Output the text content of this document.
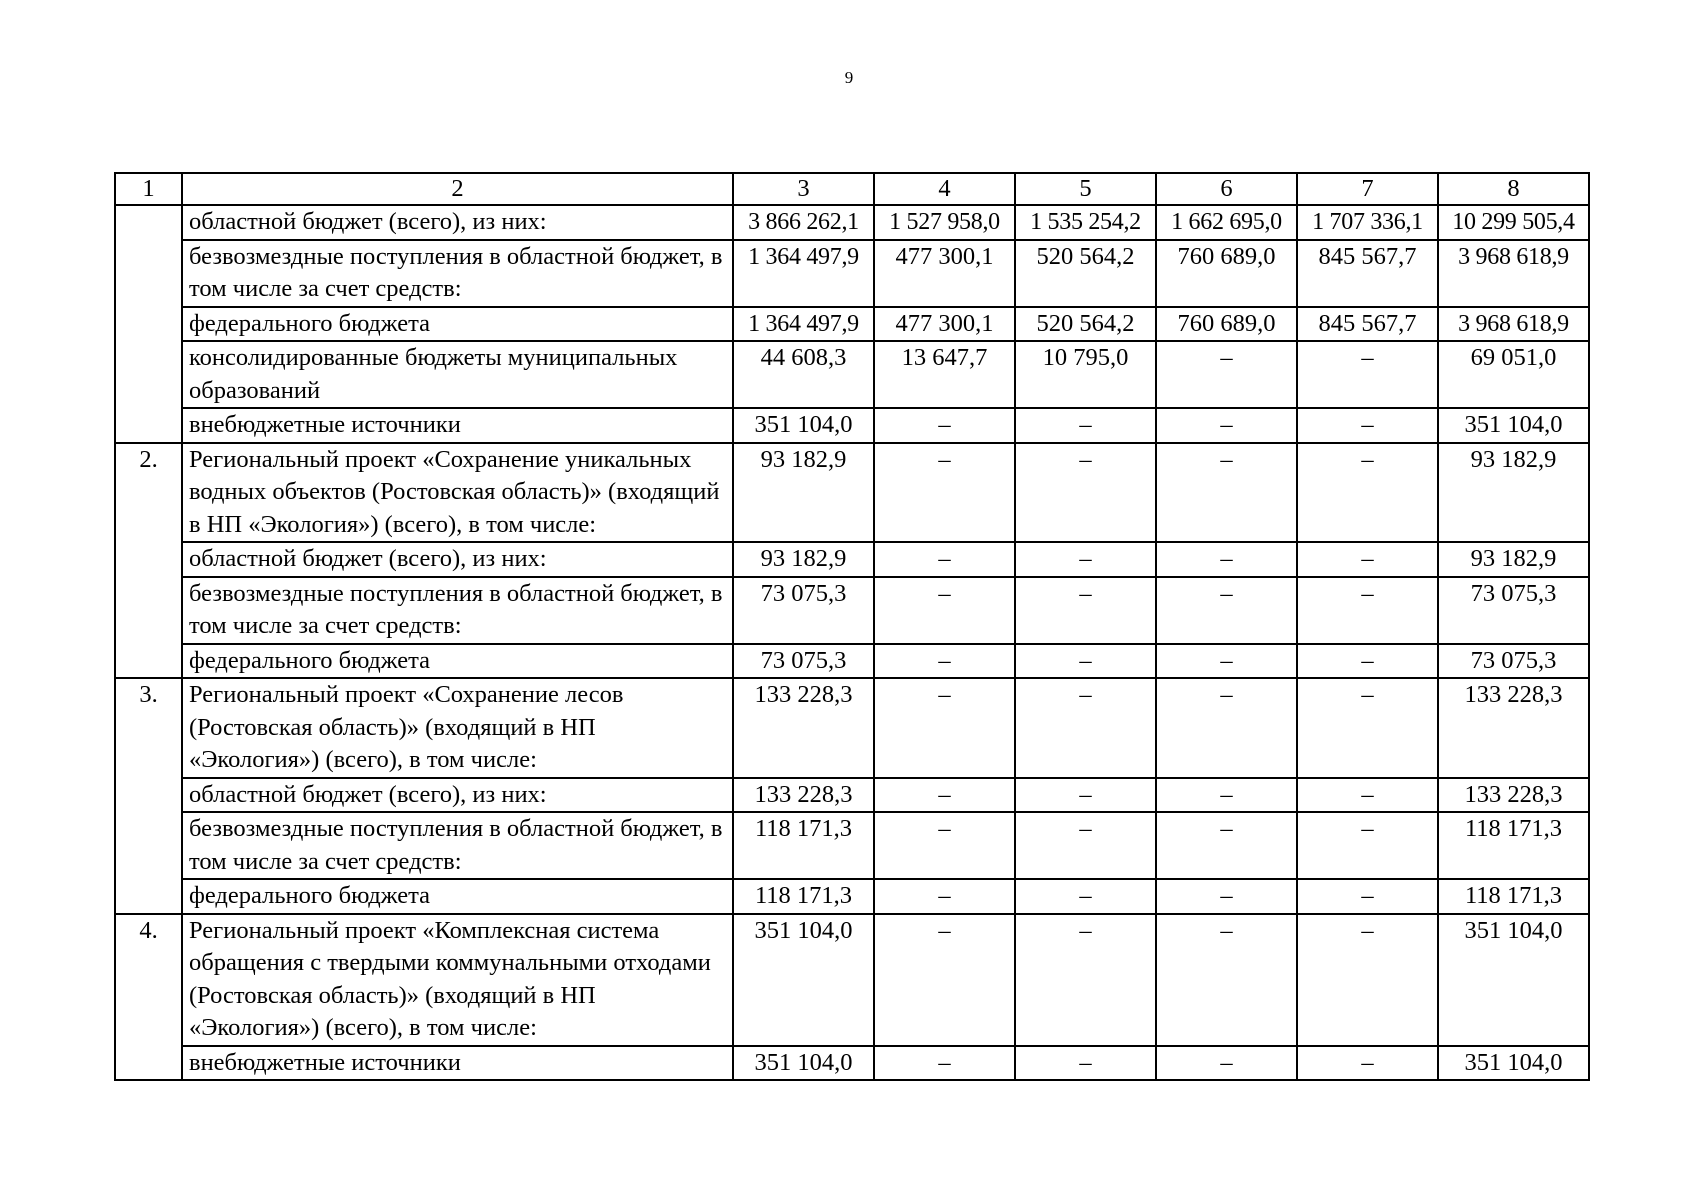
9
1	2	3	4	5	6	7	8
	областной бюджет (всего), из них:	3 866 262,1	1 527 958,0	1 535 254,2	1 662 695,0	1 707 336,1	10 299 505,4
	безвозмездные поступления в областной бюджет, в том числе за счет средств:	1 364 497,9	477 300,1	520 564,2	760 689,0	845 567,7	3 968 618,9
	федерального бюджета	1 364 497,9	477 300,1	520 564,2	760 689,0	845 567,7	3 968 618,9
	консолидированные бюджеты муниципальных образований	44 608,3	13 647,7	10 795,0	–	–	69 051,0
	внебюджетные источники	351 104,0	–	–	–	–	351 104,0
2.	Региональный проект «Сохранение уникальных водных объектов (Ростовская область)» (входящий в НП «Экология») (всего), в том числе:	93 182,9	–	–	–	–	93 182,9
	областной бюджет (всего), из них:	93 182,9	–	–	–	–	93 182,9
	безвозмездные поступления в областной бюджет, в том числе за счет средств:	73 075,3	–	–	–	–	73 075,3
	федерального бюджета	73 075,3	–	–	–	–	73 075,3
3.	Региональный проект «Сохранение лесов (Ростовская область)» (входящий в НП «Экология») (всего), в том числе:	133 228,3	–	–	–	–	133 228,3
	областной бюджет (всего), из них:	133 228,3	–	–	–	–	133 228,3
	безвозмездные поступления в областной бюджет, в том числе за счет средств:	118 171,3	–	–	–	–	118 171,3
	федерального бюджета	118 171,3	–	–	–	–	118 171,3
4.	Региональный проект «Комплексная система обращения с твердыми коммунальными отходами (Ростовская область)» (входящий в НП «Экология») (всего), в том числе:	351 104,0	–	–	–	–	351 104,0
	внебюджетные источники	351 104,0	–	–	–	–	351 104,0
